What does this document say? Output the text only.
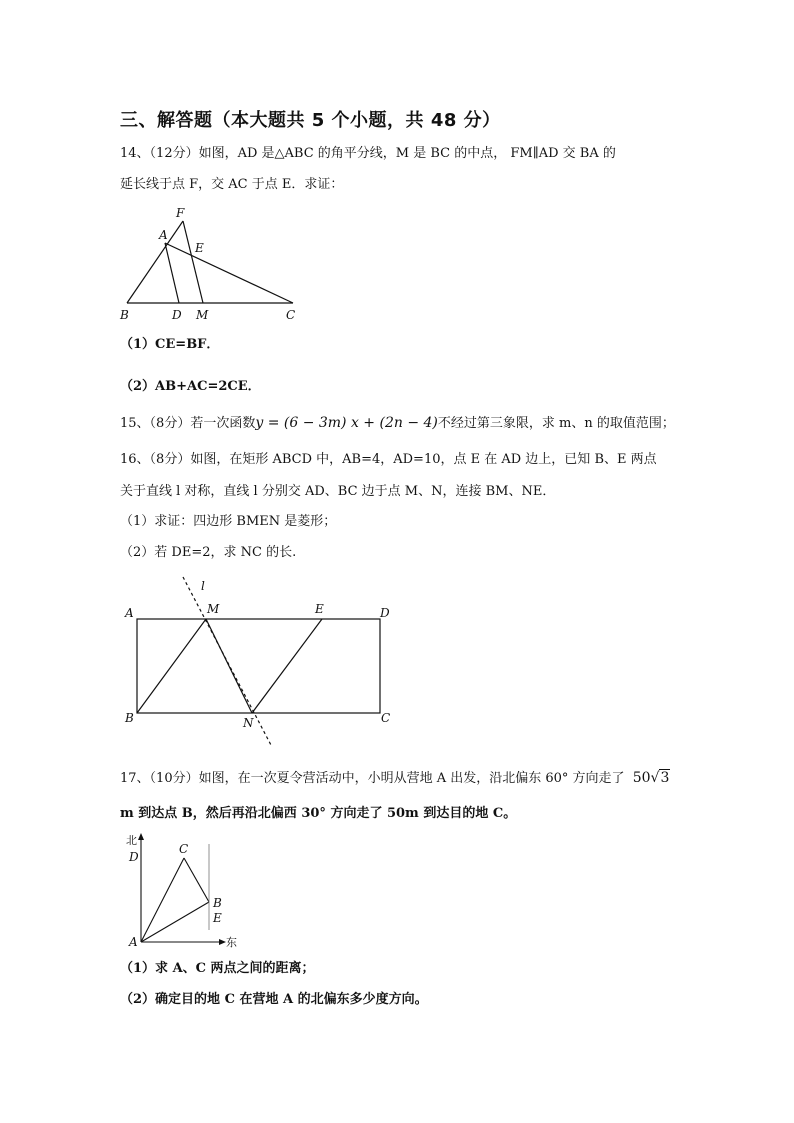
三、解答题（本大题共 5 个小题，共 48 分）
14、（12分）如图，AD 是△ABC 的角平分线，M 是 BC 的中点， FM∥AD 交 BA 的
延长线于点 F，交 AC 于点 E．求证：
F
A
E
B	D M	C
（1）CE=BF．
（2）AB+AC=2CE．
15、（8分）若一次函数y = (6 − 3m) x + (2n − 4)不经过第三象限，求 m、n 的取值范围；
16、（8分）如图，在矩形 ABCD 中，AB=4，AD=10，点 E 在 AD 边上，已知 B、E 两点
关于直线 l 对称，直线 l 分别交 AD、BC 边于点 M、N，连接 BM、NE．
（1）求证：四边形 BMEN 是菱形；
（2）若 DE=2，求 NC 的长.
l
A	M	E	D
B	N	C
17、（10分）如图，在一次夏令营活动中，小明从营地 A 出发，沿北偏东 60° 方向走了 50√3
m 到达点 B，然后再沿北偏西 30° 方向走了 50m 到达目的地 C。
北
东
D
C
B
E
A
（1）求 A、C 两点之间的距离；
（2）确定目的地 C 在营地 A 的北偏东多少度方向。
